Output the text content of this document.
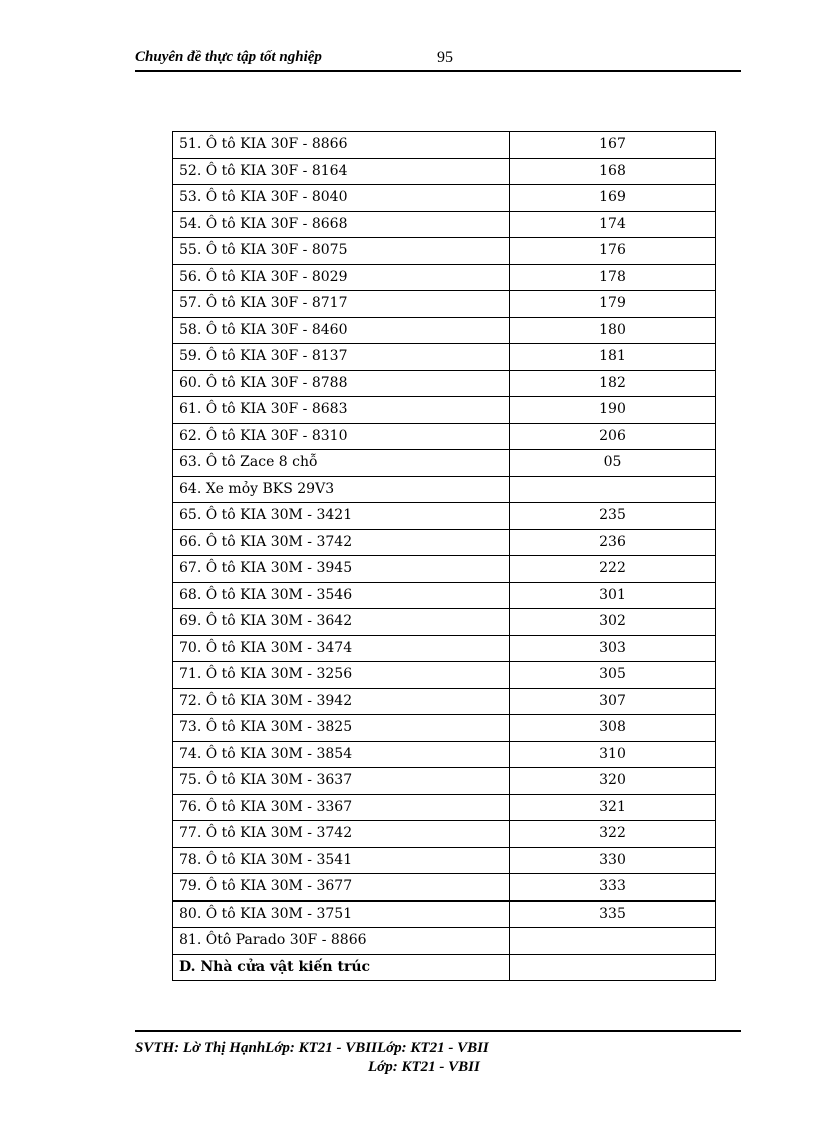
Chuyên đề thực tập tốt nghiệp	95
51. Ô tô KIA 30F - 8866	167
52. Ô tô KIA 30F - 8164	168
53. Ô tô KIA 30F - 8040	169
54. Ô tô KIA 30F - 8668	174
55. Ô tô KIA 30F - 8075	176
56. Ô tô KIA 30F - 8029	178
57. Ô tô KIA 30F - 8717	179
58. Ô tô KIA 30F - 8460	180
59. Ô tô KIA 30F - 8137	181
60. Ô tô KIA 30F - 8788	182
61. Ô tô KIA 30F - 8683	190
62. Ô tô KIA 30F - 8310	206
63. Ô tô Zace 8 chỗ	05
64. Xe mỏy BKS 29V3	
65. Ô tô KIA 30M - 3421	235
66. Ô tô KIA 30M - 3742	236
67. Ô tô KIA 30M - 3945	222
68. Ô tô KIA 30M - 3546	301
69. Ô tô KIA 30M - 3642	302
70. Ô tô KIA 30M - 3474	303
71. Ô tô KIA 30M - 3256	305
72. Ô tô KIA 30M - 3942	307
73. Ô tô KIA 30M - 3825	308
74. Ô tô KIA 30M - 3854	310
75. Ô tô KIA 30M - 3637	320
76. Ô tô KIA 30M - 3367	321
77. Ô tô KIA 30M - 3742	322
78. Ô tô KIA 30M - 3541	330
79. Ô tô KIA 30M - 3677	333
80. Ô tô KIA 30M - 3751	335
81. Ôtô Parado 30F - 8866	
D. Nhà cửa vật kiến trúc	
SVTH: Lờ Thị HạnhLớp: KT21 - VBIILớp: KT21 - VBII
Lớp: KT21 - VBII
